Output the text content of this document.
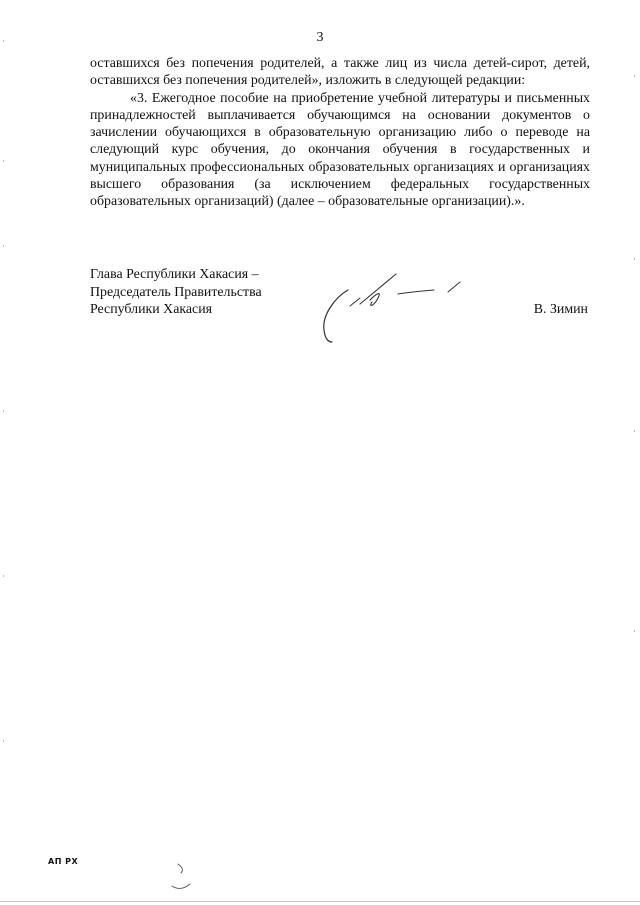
3

оставшихся без попечения родителей, а также лиц из числа детей-сирот, детей, оставшихся без попечения родителей», изложить в следующей редакции:

«3. Ежегодное пособие на приобретение учебной литературы и письменных принадлежностей выплачивается обучающимся на основании документов о зачислении обучающихся в образовательную организацию либо о переводе на следующий курс обучения, до окончания обучения в государственных и муниципальных профессиональных образовательных организациях и организациях высшего образования (за исключением федеральных государственных образовательных организаций) (далее – образовательные организации).».

Глава Республики Хакасия –
Председатель Правительства
Республики Хакасия	В. Зимин
АП РХ
